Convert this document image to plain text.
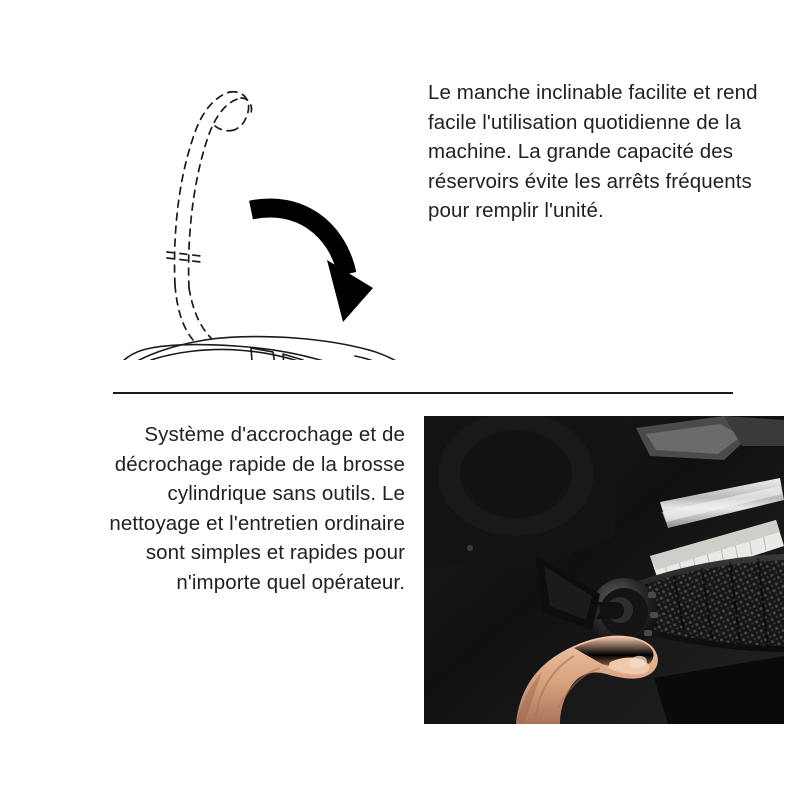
Le manche inclinable facilite et rend facile l'utilisation quotidienne de la machine. La grande capacité des réservoirs évite les arrêts fréquents pour remplir l'unité.
Système d'accrochage et de décrochage rapide de la brosse cylindrique sans outils. Le nettoyage et l'entretien ordinaire sont simples et rapides pour n'importe quel opérateur.
